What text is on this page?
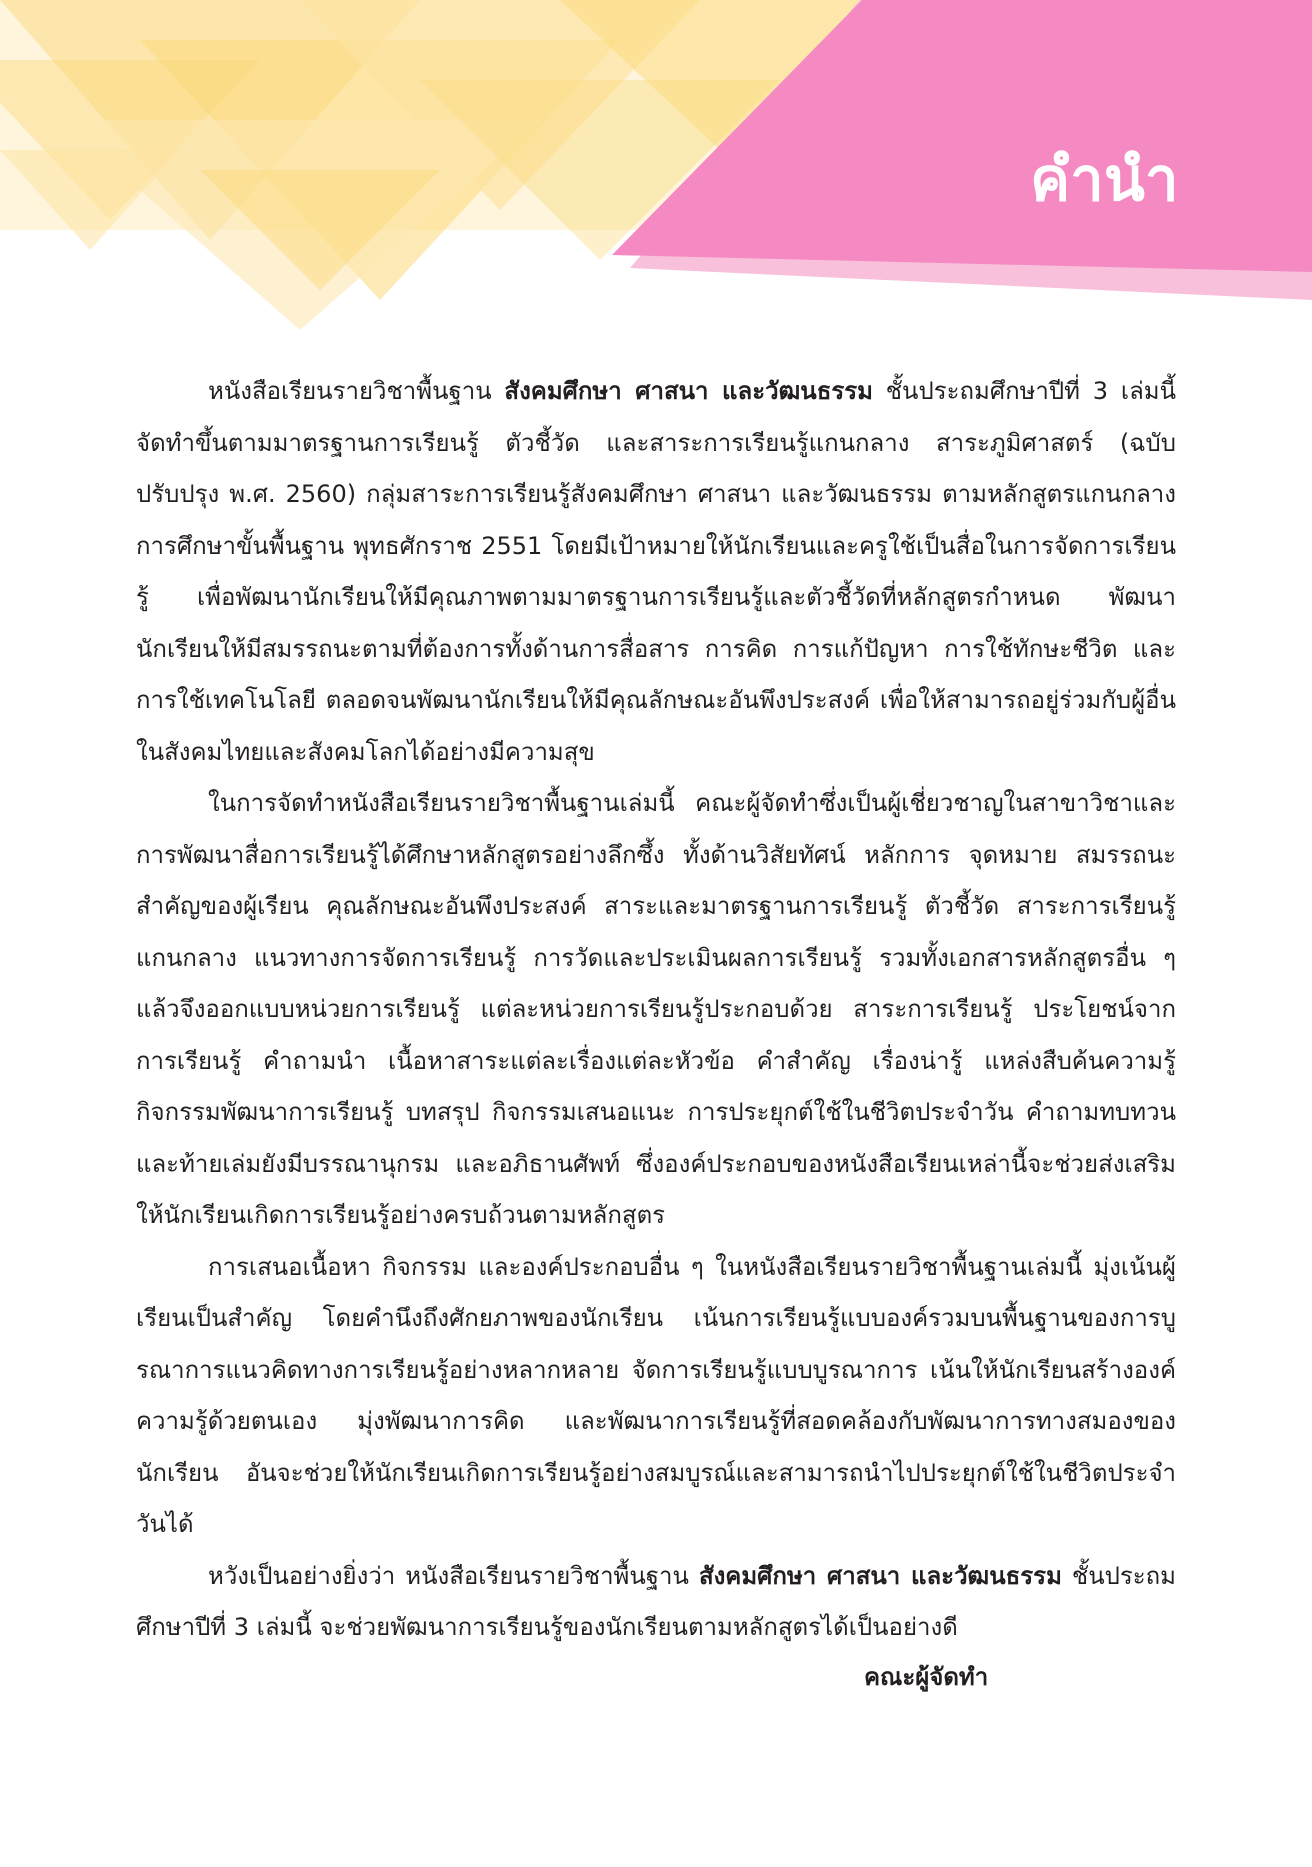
คำนำ

หนังสือเรียนรายวิชาพื้นฐาน สังคมศึกษา ศาสนา และวัฒนธรรม ชั้นประถมศึกษาปีที่ 3 เล่มนี้ จัดทำขึ้นตามมาตรฐานการเรียนรู้ ตัวชี้วัด และสาระการเรียนรู้แกนกลาง สาระภูมิศาสตร์ (ฉบับปรับปรุง พ.ศ. 2560) กลุ่มสาระการเรียนรู้สังคมศึกษา ศาสนา และวัฒนธรรม ตามหลักสูตรแกนกลางการศึกษาขั้นพื้นฐาน พุทธศักราช 2551 โดยมีเป้าหมายให้นักเรียนและครูใช้เป็นสื่อในการจัดการเรียนรู้ เพื่อพัฒนานักเรียนให้มีคุณภาพตามมาตรฐานการเรียนรู้และตัวชี้วัดที่หลักสูตรกำหนด พัฒนานักเรียนให้มีสมรรถนะตามที่ต้องการทั้งด้านการสื่อสาร การคิด การแก้ปัญหา การใช้ทักษะชีวิต และการใช้เทคโนโลยี ตลอดจนพัฒนานักเรียนให้มีคุณลักษณะอันพึงประสงค์ เพื่อให้สามารถอยู่ร่วมกับผู้อื่นในสังคมไทยและสังคมโลกได้อย่างมีความสุข

ในการจัดทำหนังสือเรียนรายวิชาพื้นฐานเล่มนี้ คณะผู้จัดทำซึ่งเป็นผู้เชี่ยวชาญในสาขาวิชาและการพัฒนาสื่อการเรียนรู้ได้ศึกษาหลักสูตรอย่างลึกซึ้ง ทั้งด้านวิสัยทัศน์ หลักการ จุดหมาย สมรรถนะสำคัญของผู้เรียน คุณลักษณะอันพึงประสงค์ สาระและมาตรฐานการเรียนรู้ ตัวชี้วัด สาระการเรียนรู้แกนกลาง แนวทางการจัดการเรียนรู้ การวัดและประเมินผลการเรียนรู้ รวมทั้งเอกสารหลักสูตรอื่น ๆ แล้วจึงออกแบบหน่วยการเรียนรู้ แต่ละหน่วยการเรียนรู้ประกอบด้วย สาระการเรียนรู้ ประโยชน์จากการเรียนรู้ คำถามนำ เนื้อหาสาระแต่ละเรื่องแต่ละหัวข้อ คำสำคัญ เรื่องน่ารู้ แหล่งสืบค้นความรู้ กิจกรรมพัฒนาการเรียนรู้ บทสรุป กิจกรรมเสนอแนะ การประยุกต์ใช้ในชีวิตประจำวัน คำถามทบทวน และท้ายเล่มยังมีบรรณานุกรม และอภิธานศัพท์ ซึ่งองค์ประกอบของหนังสือเรียนเหล่านี้จะช่วยส่งเสริมให้นักเรียนเกิดการเรียนรู้อย่างครบถ้วนตามหลักสูตร

การเสนอเนื้อหา กิจกรรม และองค์ประกอบอื่น ๆ ในหนังสือเรียนรายวิชาพื้นฐานเล่มนี้ มุ่งเน้นผู้เรียนเป็นสำคัญ โดยคำนึงถึงศักยภาพของนักเรียน เน้นการเรียนรู้แบบองค์รวมบนพื้นฐานของการบูรณาการแนวคิดทางการเรียนรู้อย่างหลากหลาย จัดการเรียนรู้แบบบูรณาการ เน้นให้นักเรียนสร้างองค์ความรู้ด้วยตนเอง มุ่งพัฒนาการคิด และพัฒนาการเรียนรู้ที่สอดคล้องกับพัฒนาการทางสมองของนักเรียน อันจะช่วยให้นักเรียนเกิดการเรียนรู้อย่างสมบูรณ์และสามารถนำไปประยุกต์ใช้ในชีวิตประจำวันได้

หวังเป็นอย่างยิ่งว่า หนังสือเรียนรายวิชาพื้นฐาน สังคมศึกษา ศาสนา และวัฒนธรรม ชั้นประถมศึกษาปีที่ 3 เล่มนี้ จะช่วยพัฒนาการเรียนรู้ของนักเรียนตามหลักสูตรได้เป็นอย่างดี

คณะผู้จัดทำ
